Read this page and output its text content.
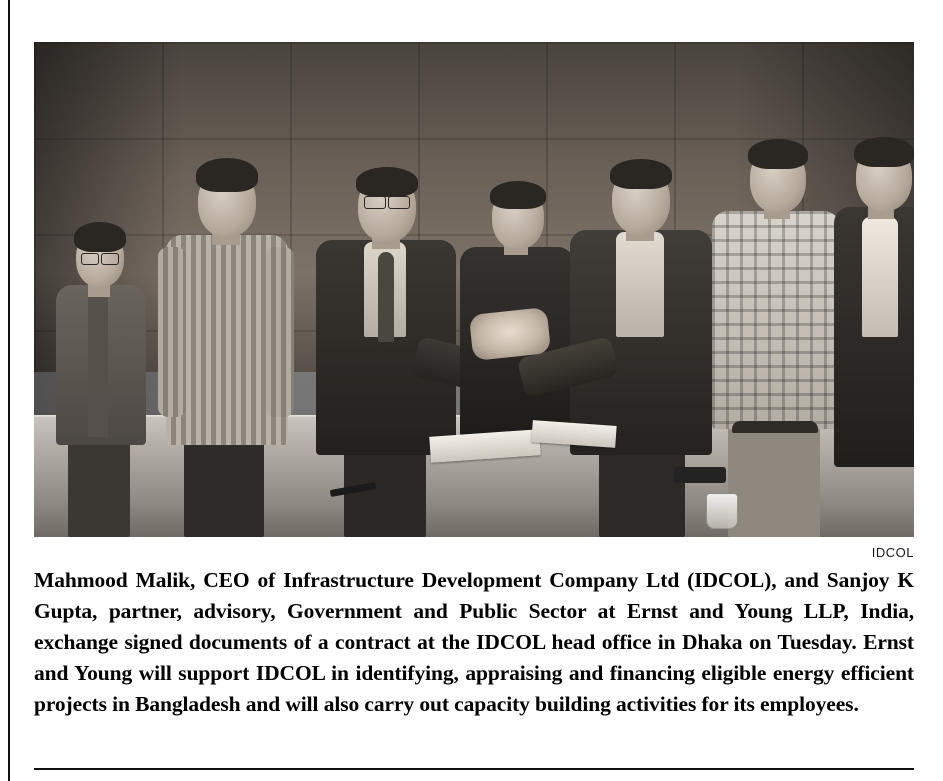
IDCOL
Mahmood Malik, CEO of Infrastructure Development Company Ltd (IDCOL), and Sanjoy K Gupta, partner, advisory, Government and Public Sector at Ernst and Young LLP, India, exchange signed documents of a contract at the IDCOL head office in Dhaka on Tuesday. Ernst and Young will support IDCOL in identifying, appraising and financing eligible energy efficient projects in Bangladesh and will also carry out capacity building activities for its employees.
